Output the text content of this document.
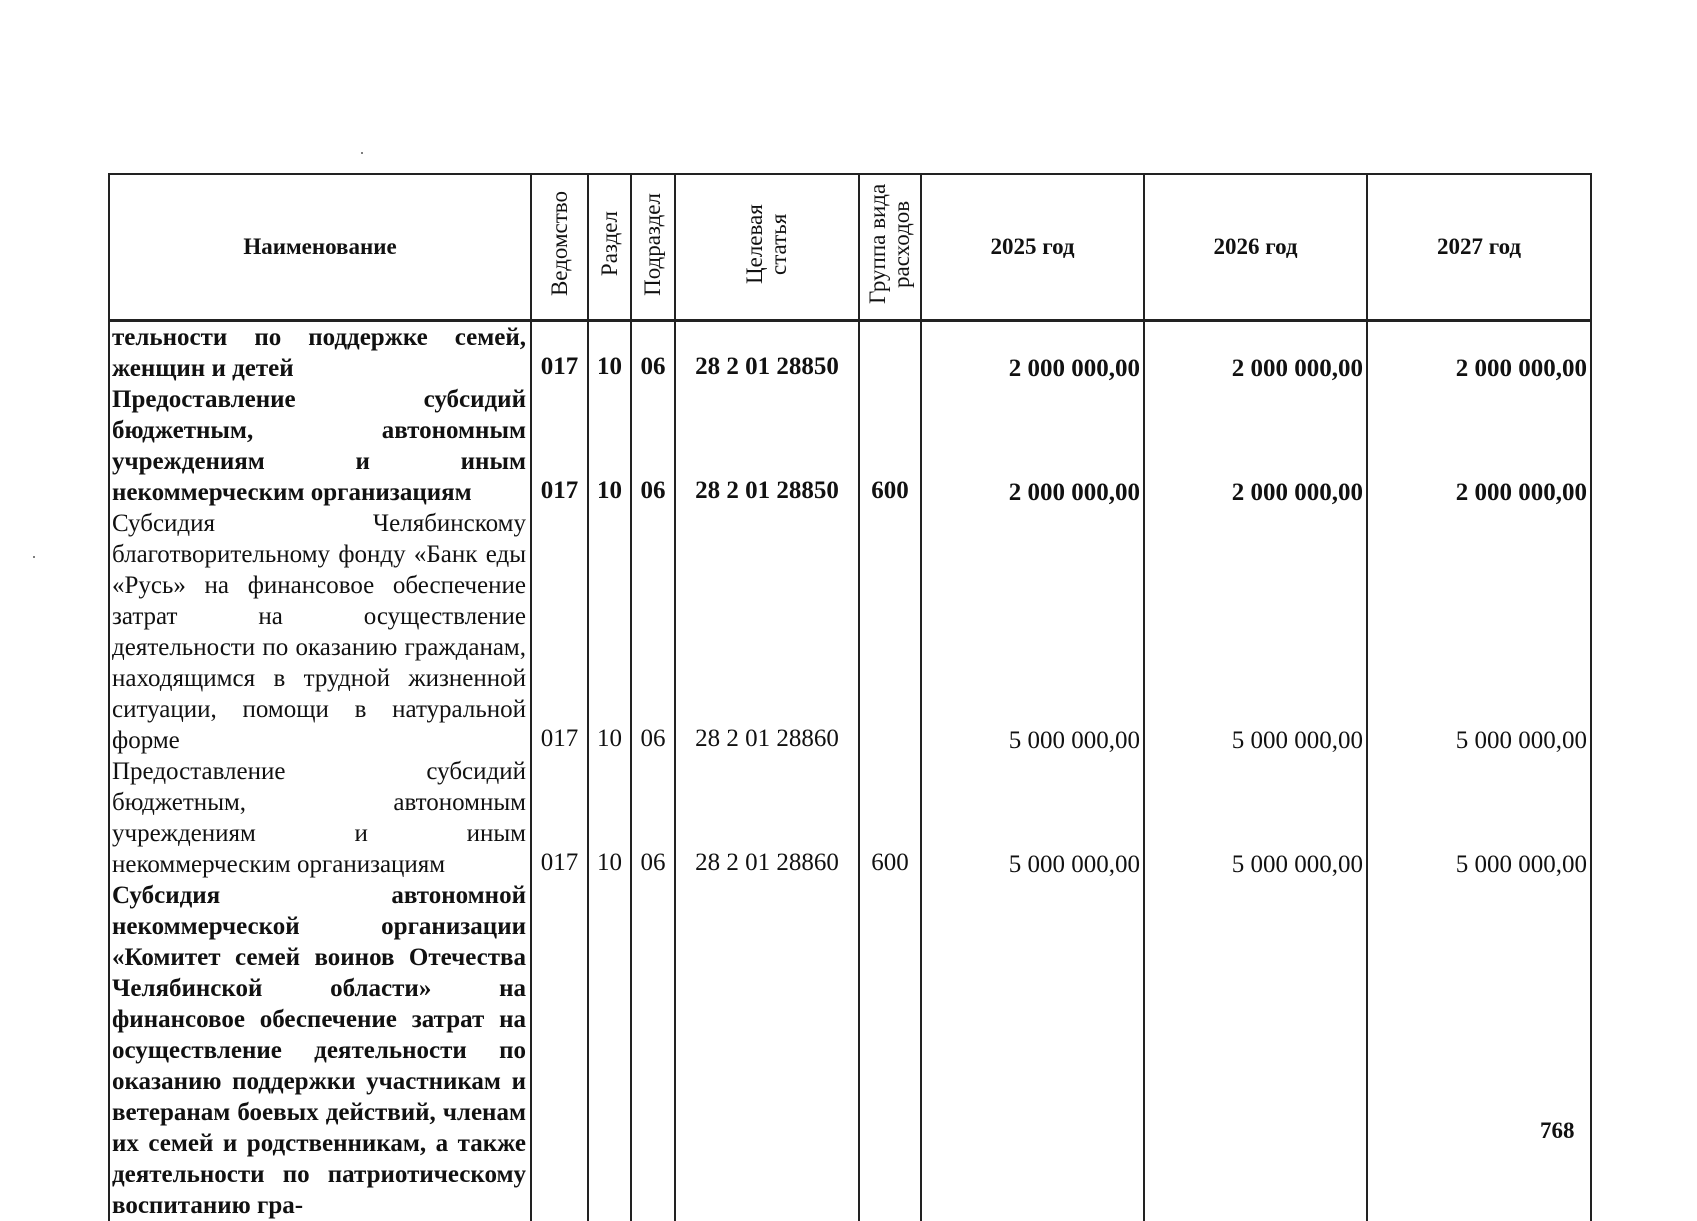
Наименование	Ведомство	Раздел	Подраздел	Целевая статья	Группа вида расходов	2025 год	2026 год	2027 год
тельности по поддержке семей, женщин и детей	017	10	06	28 2 01 28850		2 000 000,00	2 000 000,00	2 000 000,00
Предоставление субсидий бюджетным, автономным учреждениям и иным некоммерческим организациям	017	10	06	28 2 01 28850	600	2 000 000,00	2 000 000,00	2 000 000,00
Субсидия Челябинскому благотворительному фонду «Банк еды «Русь» на финансовое обеспечение затрат на осуществление деятельности по оказанию гражданам, находящимся в трудной жизненной ситуации, помощи в натуральной форме	017	10	06	28 2 01 28860		5 000 000,00	5 000 000,00	5 000 000,00
Предоставление субсидий бюджетным, автономным учреждениям и иным некоммерческим организациям	017	10	06	28 2 01 28860	600	5 000 000,00	5 000 000,00	5 000 000,00
Субсидия автономной некоммерческой организации «Комитет семей воинов Отечества Челябинской области» на финансовое обеспечение затрат на осуществление деятельности по оказанию поддержки участникам и ветеранам боевых действий, членам их семей и родственникам, а также деятельности по патриотическому воспитанию гра-								
768
